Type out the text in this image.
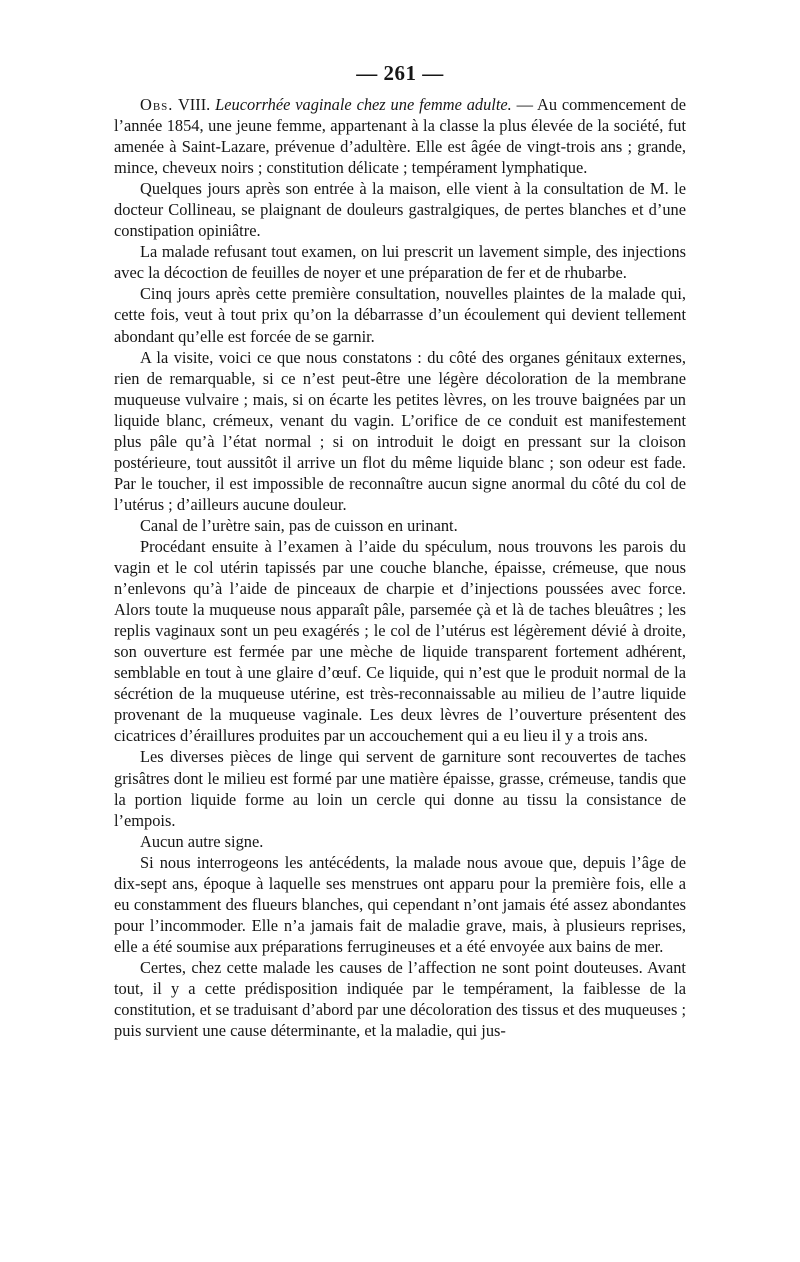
— 261 —

Obs. VIII. Leucorrhée vaginale chez une femme adulte. — Au commencement de l’année 1854, une jeune femme, appartenant à la classe la plus élevée de la société, fut amenée à Saint-Lazare, prévenue d’adultère. Elle est âgée de vingt-trois ans ; grande, mince, cheveux noirs ; constitution délicate ; tempérament lymphatique.

Quelques jours après son entrée à la maison, elle vient à la consultation de M. le docteur Collineau, se plaignant de douleurs gastralgiques, de pertes blanches et d’une constipation opiniâtre.

La malade refusant tout examen, on lui prescrit un lavement simple, des injections avec la décoction de feuilles de noyer et une préparation de fer et de rhubarbe.

Cinq jours après cette première consultation, nouvelles plaintes de la malade qui, cette fois, veut à tout prix qu’on la débarrasse d’un écoulement qui devient tellement abondant qu’elle est forcée de se garnir.

A la visite, voici ce que nous constatons : du côté des organes génitaux externes, rien de remarquable, si ce n’est peut-être une légère décoloration de la membrane muqueuse vulvaire ; mais, si on écarte les petites lèvres, on les trouve baignées par un liquide blanc, crémeux, venant du vagin. L’orifice de ce conduit est manifestement plus pâle qu’à l’état normal ; si on introduit le doigt en pressant sur la cloison postérieure, tout aussitôt il arrive un flot du même liquide blanc ; son odeur est fade. Par le toucher, il est impossible de reconnaître aucun signe anormal du côté du col de l’utérus ; d’ailleurs aucune douleur.

Canal de l’urètre sain, pas de cuisson en urinant.

Procédant ensuite à l’examen à l’aide du spéculum, nous trouvons les parois du vagin et le col utérin tapissés par une couche blanche, épaisse, crémeuse, que nous n’enlevons qu’à l’aide de pinceaux de charpie et d’injections poussées avec force. Alors toute la muqueuse nous apparaît pâle, parsemée çà et là de taches bleuâtres ; les replis vaginaux sont un peu exagérés ; le col de l’utérus est légèrement dévié à droite, son ouverture est fermée par une mèche de liquide transparent fortement adhérent, semblable en tout à une glaire d’œuf. Ce liquide, qui n’est que le produit normal de la sécrétion de la muqueuse utérine, est très-reconnaissable au milieu de l’autre liquide provenant de la muqueuse vaginale. Les deux lèvres de l’ouverture présentent des cicatrices d’éraillures produites par un accouchement qui a eu lieu il y a trois ans.

Les diverses pièces de linge qui servent de garniture sont recouvertes de taches grisâtres dont le milieu est formé par une matière épaisse, grasse, crémeuse, tandis que la portion liquide forme au loin un cercle qui donne au tissu la consistance de l’empois.

Aucun autre signe.

Si nous interrogeons les antécédents, la malade nous avoue que, depuis l’âge de dix-sept ans, époque à laquelle ses menstrues ont apparu pour la première fois, elle a eu constamment des flueurs blanches, qui cependant n’ont jamais été assez abondantes pour l’incommoder. Elle n’a jamais fait de maladie grave, mais, à plusieurs reprises, elle a été soumise aux préparations ferrugineuses et a été envoyée aux bains de mer.

Certes, chez cette malade les causes de l’affection ne sont point douteuses. Avant tout, il y a cette prédisposition indiquée par le tempérament, la faiblesse de la constitution, et se traduisant d’abord par une décoloration des tissus et des muqueuses ; puis survient une cause déterminante, et la maladie, qui jus-
